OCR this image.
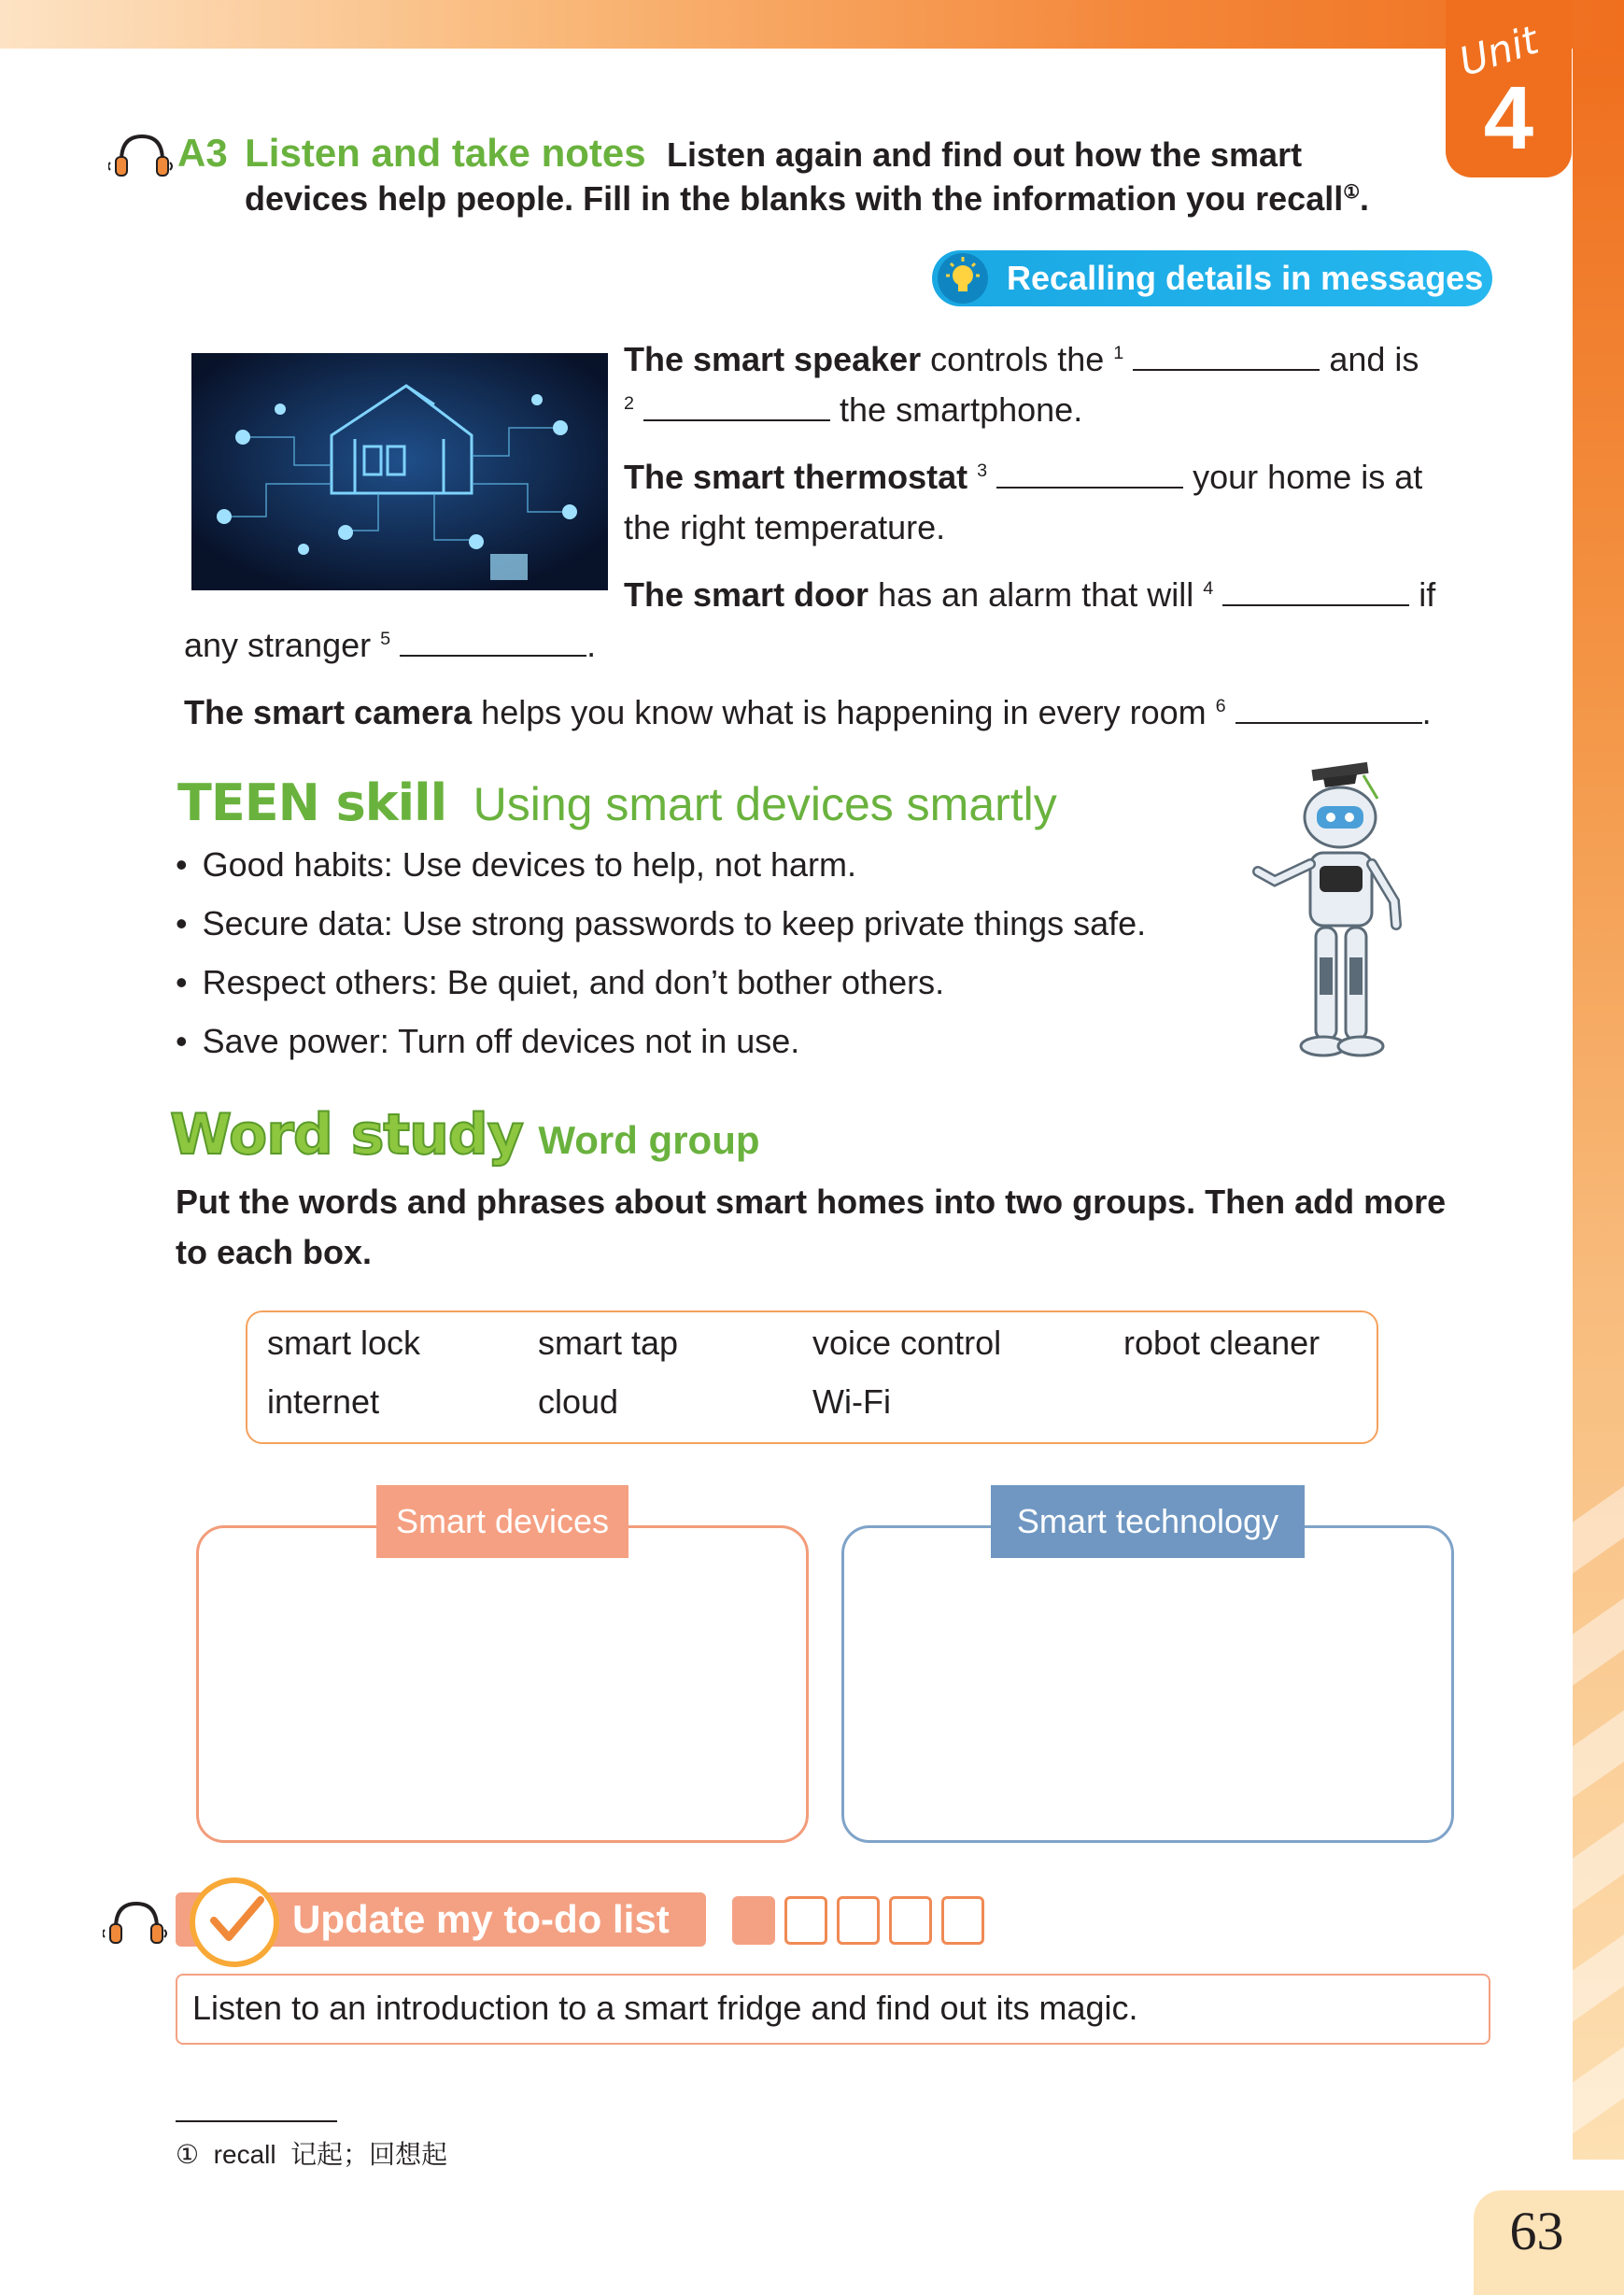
Unit
4
A3 Listen and take notes Listen again and find out how the smart
devices help people. Fill in the blanks with the information you recall①.
Recalling details in messages
The smart speaker controls the $^1$	and is
$^2$	the smartphone.
The smart thermostat $^3$	your home is at
the right temperature.
The smart door has an alarm that will $^4$	if
any stranger $^5$	.
The smart camera helps you know what is happening in every room $^6$	.
TEEN skill Using smart devices smartly
• Good habits: Use devices to help, not harm.
• Secure data: Use strong passwords to keep private things safe.
• Respect others: Be quiet, and don’t bother others.
• Save power: Turn off devices not in use.
Word study Word group
Put the words and phrases about smart homes into two groups. Then add more
to each box.
smart lock	smart tap	voice control	robot cleaner
internet	cloud	Wi-Fi
Smart devices	Smart technology
Update my to-do list
Listen to an introduction to a smart fridge and find out its magic.
① recall 记起；回想起
63
